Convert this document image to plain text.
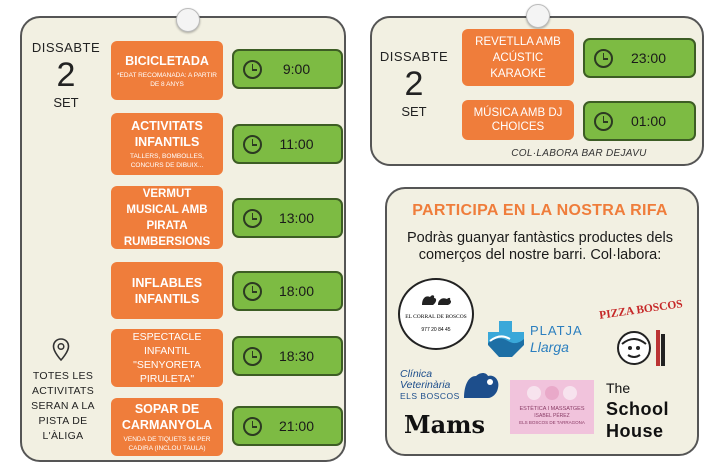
DISSABTE
2
SET
BICICLETADA
*EDAT RECOMANADA: A PARTIR DE 8 ANYS
9:00
ACTIVITATS INFANTILS
TALLERS, BOMBOLLES, CONCURS DE DIBUIX...
11:00
VERMUT MUSICAL AMB PIRATA RUMBERSIONS
13:00
INFLABLES INFANTILS	18:00
ESPECTACLE INFANTIL "SENYORETA PIRULETA"
18:30
SOPAR DE CARMANYOLA
VENDA DE TIQUETS 1€ PER CADIRA (INCLOU TAULA)
21:00
TOTES LES ACTIVITATS SERAN A LA PISTA DE L'ÀLIGA
DISSABTE
2
SET
REVETLLA AMB ACÚSTIC KARAOKE
23:00
MÚSICA AMB DJ CHOICES	01:00
COL·LABORA BAR DEJAVU
PARTICIPA EN LA NOSTRA RIFA
Podràs guanyar fantàstics productes dels comerços del nostre barri. Col·labora:
EL CORRAL DE BOSCOS
977 20 84 45	PLATJA
Llarga
PIZZA BOSCOS
Clínica
Veterinària
ELS BOSCOS
ESTÈTICA I MASSATGES
ISABEL PÉREZ
ELS BOSCOS DE TARRAGONA
The
School
House
Mams
